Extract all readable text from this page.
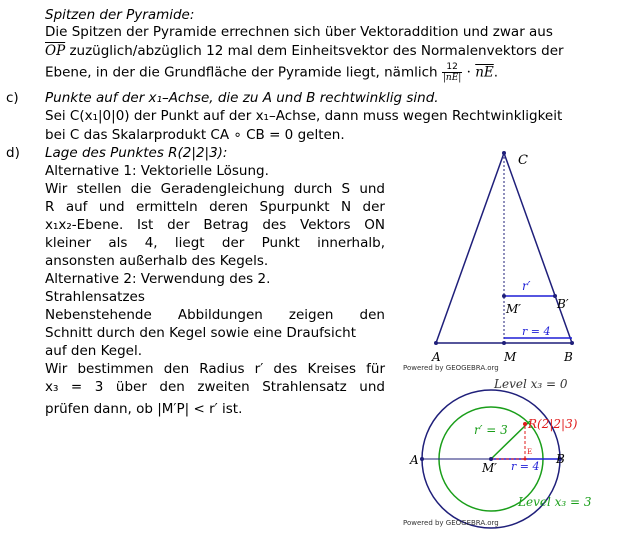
Spitzen der Pyramide:
Die Spitzen der Pyramide errechnen sich über Vektoraddition und zwar aus
$\overline{OP}$ zuzüglich/abzüglich 12 mal dem Einheitsvektor des Normalenvektors der
Ebene, in der die Grundfläche der Pyramide liegt, nämlich $\frac{12}{|nE|} \cdot \overline{nE}$.
c) Punkte auf der x₁–Achse, die zu A und B rechtwinklig sind.
Sei C(x₁|0|0) der Punkt auf der x₁–Achse, dann muss wegen Rechtwinkligkeit
bei C das Skalarprodukt CA ∘ CB = 0 gelten.
d) Lage des Punktes R(2|2|3):
Alternative 1: Vektorielle Lösung.
Wir stellen die Geradengleichung durch S und
R auf und ermitteln deren Spurpunkt N der
x₁x₂-Ebene. Ist der Betrag des Vektors ON
kleiner als 4, liegt der Punkt innerhalb,
ansonsten außerhalb des Kegels.
Alternative 2: Verwendung des 2.
Strahlensatzes
Nebenstehende Abbildungen zeigen den
Schnitt durch den Kegel sowie eine Draufsicht
auf den Kegel.
Wir bestimmen den Radius r′ des Kreises für
x₃ = 3 über den zweiten Strahlensatz und
prüfen dann, ob |M′P| < r′ ist.
C
r′
M′	B′
r = 4
A	M	B
Powered by GEOGEBRA.org
Level x₃ = 0
r′ = 3 R(2|2|3)
E
A
M′ r = 4
B
Level x₃ = 3
Powered by GEOGEBRA.org
